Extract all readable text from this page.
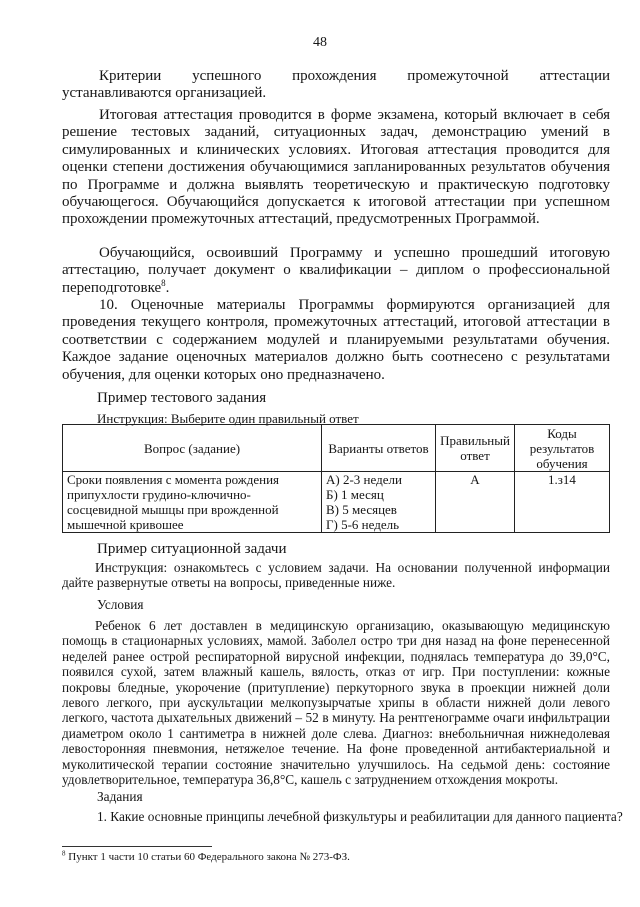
48

Критерии успешного прохождения промежуточной аттестации устанавливаются организацией.

Итоговая аттестация проводится в форме экзамена, который включает в себя решение тестовых заданий, ситуационных задач, демонстрацию умений в симулированных и клинических условиях. Итоговая аттестация проводится для оценки степени достижения обучающимися запланированных результатов обучения по Программе и должна выявлять теоретическую и практическую подготовку обучающегося. Обучающийся допускается к итоговой аттестации при успешном прохождении промежуточных аттестаций, предусмотренных Программой.

Обучающийся, освоивший Программу и успешно прошедший итоговую аттестацию, получает документ о квалификации – диплом о профессиональной переподготовке$^8$.

10. Оценочные материалы Программы формируются организацией для проведения текущего контроля, промежуточных аттестаций, итоговой аттестации в соответствии с содержанием модулей и планируемыми результатами обучения. Каждое задание оценочных материалов должно быть соотнесено с результатами обучения, для оценки которых оно предназначено.

Пример тестового задания
Инструкция: Выберите один правильный ответ
Вопрос (задание)	Варианты ответов	Правильный ответ	Коды результатов обучения
Сроки появления с момента рождения припухлости грудино-ключично-сосцевидной мышцы при врожденной мышечной кривошее	А) 2-3 недели
Б) 1 месяц
В) 5 месяцев
Г) 5-6 недель	А	1.з14
Пример ситуационной задачи

Инструкция: ознакомьтесь с условием задачи. На основании полученной информации дайте развернутые ответы на вопросы, приведенные ниже.

Условия

Ребенок 6 лет доставлен в медицинскую организацию, оказывающую медицинскую помощь в стационарных условиях, мамой. Заболел остро три дня назад на фоне перенесенной неделей ранее острой респираторной вирусной инфекции, поднялась температура до 39,0°С, появился сухой, затем влажный кашель, вялость, отказ от игр. При поступлении: кожные покровы бледные, укорочение (притупление) перкуторного звука в проекции нижней доли левого легкого, при аускультации мелкопузырчатые хрипы в области нижней доли левого легкого, частота дыхательных движений – 52 в минуту. На рентгенограмме очаги инфильтрации диаметром около 1 сантиметра в нижней доле слева. Диагноз: внебольничная нижнедолевая левосторонняя пневмония, нетяжелое течение. На фоне проведенной антибактериальной и муколитической терапии состояние значительно улучшилось. На седьмой день: состояние удовлетворительное, температура 36,8°С, кашель с затруднением отхождения мокроты.

Задания
1. Какие основные принципы лечебной физкультуры и реабилитации для данного пациента?
$^8$ Пункт 1 части 10 статьи 60 Федерального закона № 273-ФЗ.
